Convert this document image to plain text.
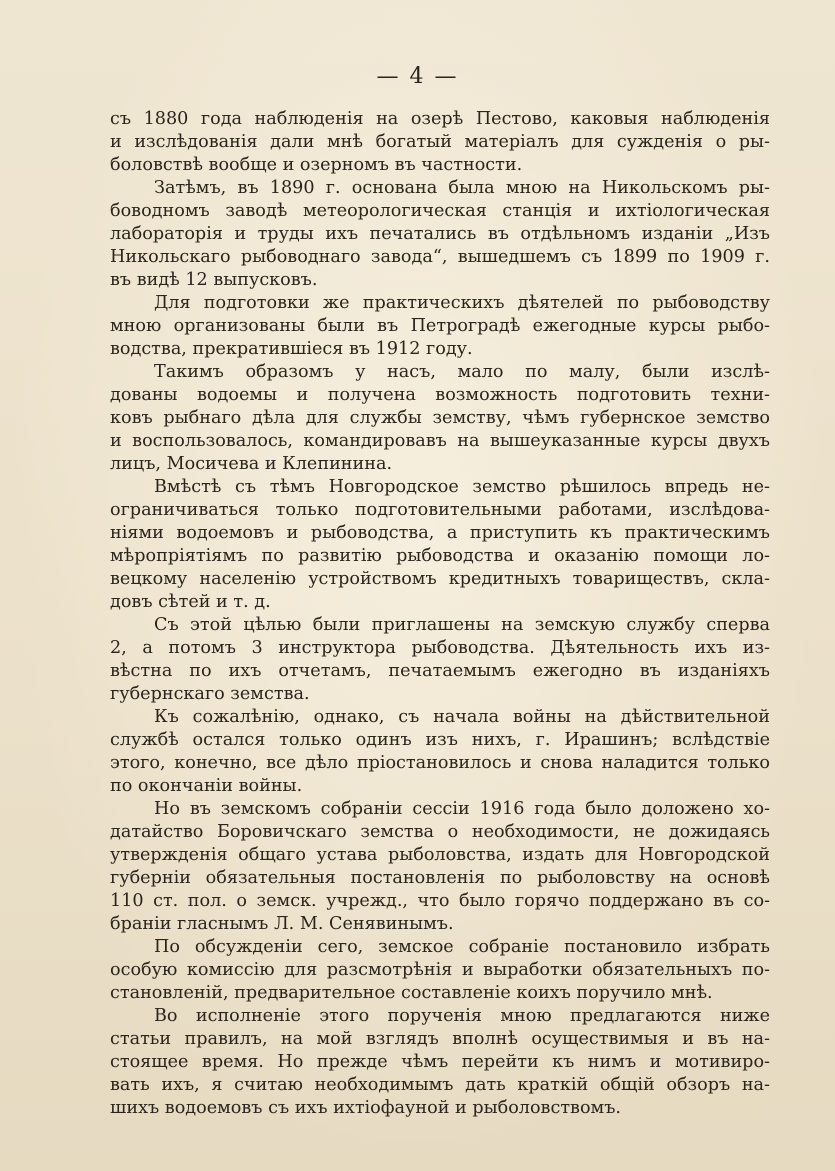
— 4 —

съ 1880 года наблюденія на озерѣ Пестово, каковыя наблюденія
и изслѣдованія дали мнѣ богатый матеріалъ для сужденія о ры-
боловствѣ вообще и озерномъ въ частности.

Затѣмъ, въ 1890 г. основана была мною на Никольскомъ ры-
боводномъ заводѣ метеорологическая станція и ихтіологическая
лабораторія и труды ихъ печатались въ отдѣльномъ изданіи „Изъ
Никольскаго рыбоводнаго завода“, вышедшемъ съ 1899 по 1909 г.
въ видѣ 12 выпусковъ.

Для подготовки же практическихъ дѣятелей по рыбоводству
мною организованы были въ Петроградѣ ежегодные курсы рыбо-
водства, прекратившіеся въ 1912 году.

Такимъ образомъ у насъ, мало по малу, были изслѣ-
дованы водоемы и получена возможность подготовить техни-
ковъ рыбнаго дѣла для службы земству, чѣмъ губернское земство
и воспользовалось, командировавъ на вышеуказанные курсы двухъ
лицъ, Мосичева и Клепинина.

Вмѣстѣ съ тѣмъ Новгородское земство рѣшилось впредь не-
ограничиваться только подготовительными работами, изслѣдова-
ніями водоемовъ и рыбоводства, а приступить къ практическимъ
мѣропріятіямъ по развитію рыбоводства и оказанію помощи ло-
вецкому населенію устройствомъ кредитныхъ товариществъ, скла-
довъ сѣтей и т. д.

Съ этой цѣлью были приглашены на земскую службу сперва
2, а потомъ 3 инструктора рыбоводства. Дѣятельность ихъ из-
вѣстна по ихъ отчетамъ, печатаемымъ ежегодно въ изданіяхъ
губернскаго земства.

Къ сожалѣнію, однако, съ начала войны на дѣйствительной
службѣ остался только одинъ изъ нихъ, г. Ирашинъ; вслѣдствіе
этого, конечно, все дѣло пріостановилось и снова наладится только
по окончаніи войны.

Но въ земскомъ собраніи сессіи 1916 года было доложено хо-
датайство Боровичскаго земства о необходимости, не дожидаясь
утвержденія общаго устава рыболовства, издать для Новгородской
губерніи обязательныя постановленія по рыболовству на основѣ
110 ст. пол. о земск. учрежд., что было горячо поддержано въ со-
браніи гласнымъ Л. М. Сенявинымъ.

По обсужденіи сего, земское собраніе постановило избрать
особую комиссію для разсмотрѣнія и выработки обязательныхъ по-
становленій, предварительное составленіе коихъ поручило мнѣ.

Во исполненіе этого порученія мною предлагаются ниже
статьи правилъ, на мой взглядъ вполнѣ осуществимыя и въ на-
стоящее время. Но прежде чѣмъ перейти къ нимъ и мотивиро-
вать ихъ, я считаю необходимымъ дать краткій общій обзоръ на-
шихъ водоемовъ съ ихъ ихтіофауной и рыболовствомъ.
